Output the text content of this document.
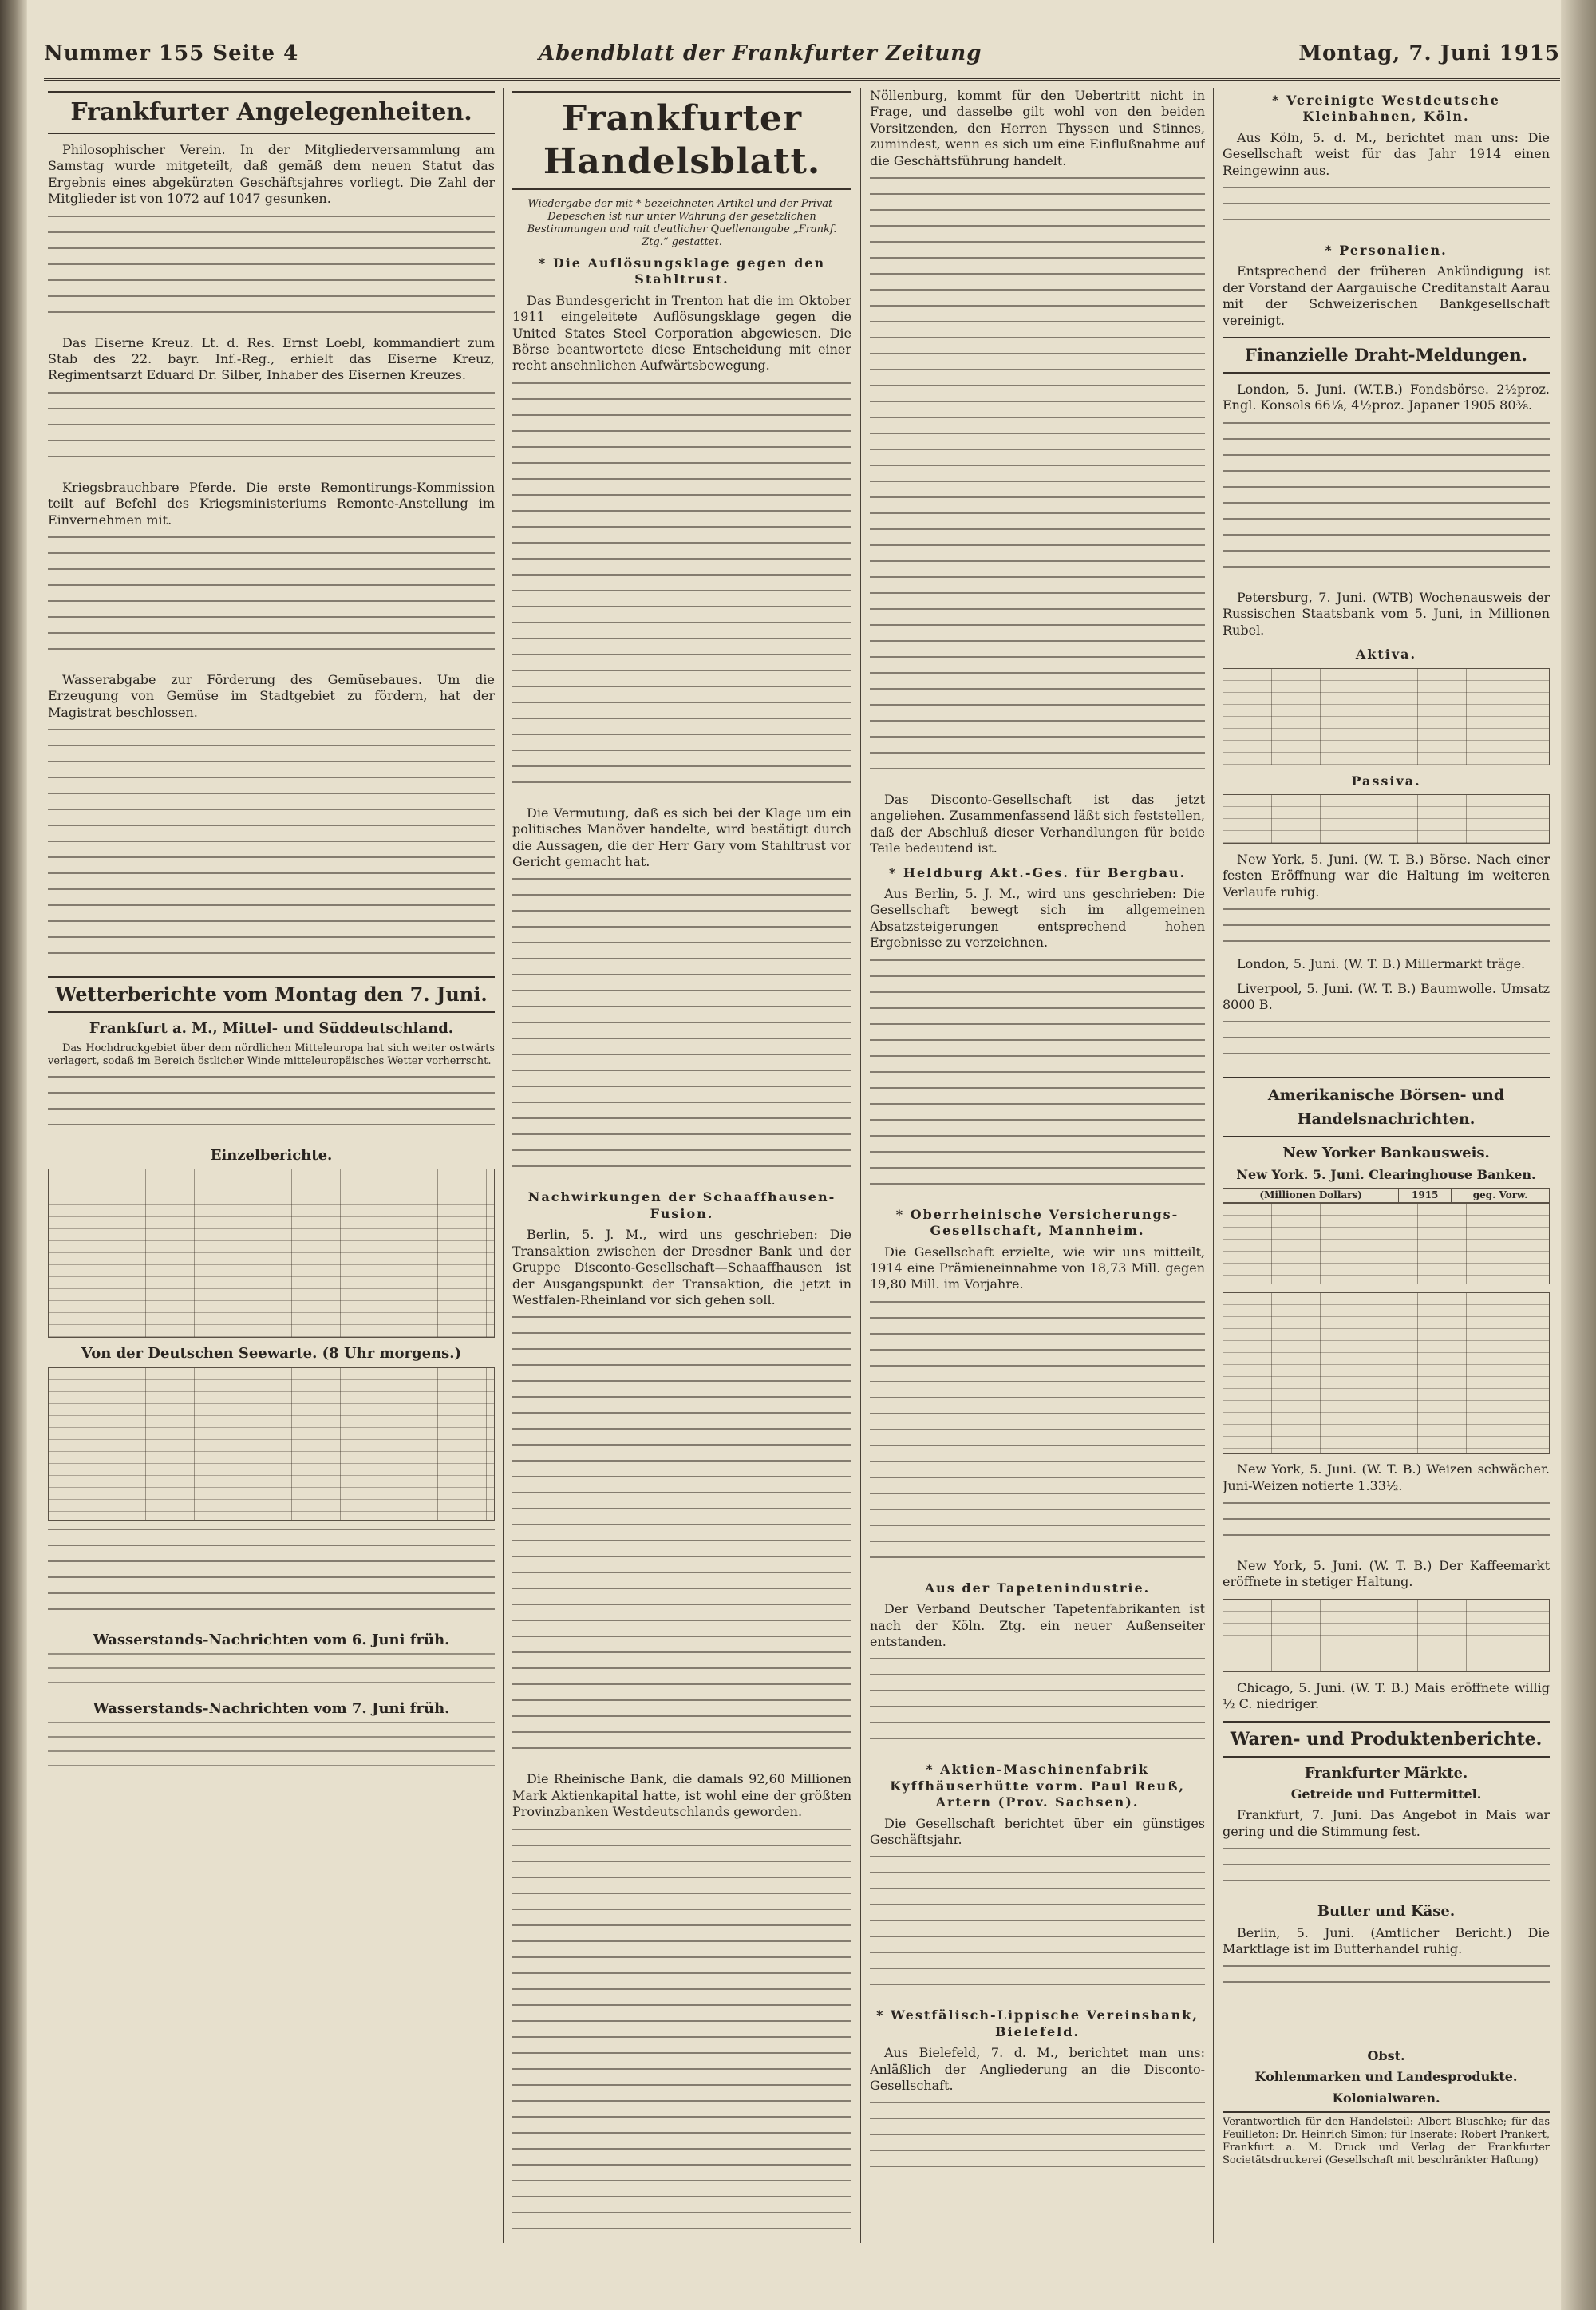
Nummer 155 Seite 4	Abendblatt der Frankfurter Zeitung	Montag, 7. Juni 1915
Frankfurter Angelegenheiten.

Philosophischer Verein. In der Mitgliederversammlung am Samstag wurde mitgeteilt, daß gemäß dem neuen Statut das Ergebnis eines abgekürzten Geschäftsjahres vorliegt. Die Zahl der Mitglieder ist von 1072 auf 1047 gesunken.

Das Eiserne Kreuz. Lt. d. Res. Ernst Loebl, kommandiert zum Stab des 22. bayr. Inf.-Reg., erhielt das Eiserne Kreuz, Regimentsarzt Eduard Dr. Silber, Inhaber des Eisernen Kreuzes.

Kriegsbrauchbare Pferde. Die erste Remontirungs-Kommission teilt auf Befehl des Kriegsministeriums Remonte-Anstellung im Einvernehmen mit.

Wasserabgabe zur Förderung des Gemüsebaues. Um die Erzeugung von Gemüse im Stadtgebiet zu fördern, hat der Magistrat beschlossen.

Wetterberichte vom Montag den 7. Juni.
Frankfurt a. M., Mittel- und Süddeutschland.

Das Hochdruckgebiet über dem nördlichen Mitteleuropa hat sich weiter ostwärts verlagert, sodaß im Bereich östlicher Winde mitteleuropäisches Wetter vorherrscht.

Einzelberichte.
Von der Deutschen Seewarte. (8 Uhr morgens.)
Wasserstands-Nachrichten vom 6. Juni früh.
Wasserstands-Nachrichten vom 7. Juni früh.
Frankfurter Handelsblatt.
Wiedergabe der mit * bezeichneten Artikel und der Privat-Depeschen ist nur unter Wahrung der gesetzlichen Bestimmungen und mit deutlicher Quellenangabe „Frankf. Ztg.“ gestattet.
* Die Auflösungsklage gegen den Stahltrust.

Das Bundesgericht in Trenton hat die im Oktober 1911 eingeleitete Auflösungsklage gegen die United States Steel Corporation abgewiesen. Die Börse beantwortete diese Entscheidung mit einer recht ansehnlichen Aufwärtsbewegung.

Die Vermutung, daß es sich bei der Klage um ein politisches Manöver handelte, wird bestätigt durch die Aussagen, die der Herr Gary vom Stahltrust vor Gericht gemacht hat.

Nachwirkungen der Schaaffhausen-Fusion.

Berlin, 5. J. M., wird uns geschrieben: Die Transaktion zwischen der Dresdner Bank und der Gruppe Disconto-Gesellschaft—Schaaffhausen ist der Ausgangspunkt der Transaktion, die jetzt in Westfalen-Rheinland vor sich gehen soll.

Die Rheinische Bank, die damals 92,60 Millionen Mark Aktienkapital hatte, ist wohl eine der größten Provinzbanken Westdeutschlands geworden.

Nöllenburg, kommt für den Uebertritt nicht in Frage, und dasselbe gilt wohl von den beiden Vorsitzenden, den Herren Thyssen und Stinnes, zumindest, wenn es sich um eine Einflußnahme auf die Geschäftsführung handelt.

Das Disconto-Gesellschaft ist das jetzt angeliehen. Zusammenfassend läßt sich feststellen, daß der Abschluß dieser Verhandlungen für beide Teile bedeutend ist.

* Heldburg Akt.-Ges. für Bergbau.

Aus Berlin, 5. J. M., wird uns geschrieben: Die Gesellschaft bewegt sich im allgemeinen Absatzsteigerungen entsprechend hohen Ergebnisse zu verzeichnen.

* Oberrheinische Versicherungs-Gesellschaft, Mannheim.

Die Gesellschaft erzielte, wie wir uns mitteilt, 1914 eine Prämieneinnahme von 18,73 Mill. gegen 19,80 Mill. im Vorjahre.

Aus der Tapetenindustrie.

Der Verband Deutscher Tapetenfabrikanten ist nach der Köln. Ztg. ein neuer Außenseiter entstanden.

* Aktien-Maschinenfabrik Kyffhäuserhütte vorm. Paul Reuß, Artern (Prov. Sachsen).

Die Gesellschaft berichtet über ein günstiges Geschäftsjahr.

* Westfälisch-Lippische Vereinsbank, Bielefeld.

Aus Bielefeld, 7. d. M., berichtet man uns: Anläßlich der Angliederung an die Disconto-Gesellschaft.

* Vereinigte Westdeutsche Kleinbahnen, Köln.

Aus Köln, 5. d. M., berichtet man uns: Die Gesellschaft weist für das Jahr 1914 einen Reingewinn aus.

* Personalien.

Entsprechend der früheren Ankündigung ist der Vorstand der Aargauische Creditanstalt Aarau mit der Schweizerischen Bankgesellschaft vereinigt.

Finanzielle Draht-Meldungen.

London, 5. Juni. (W.T.B.) Fondsbörse. 2½proz. Engl. Konsols 66⅛, 4½proz. Japaner 1905 80⅜.

Petersburg, 7. Juni. (WTB) Wochenausweis der Russischen Staatsbank vom 5. Juni, in Millionen Rubel.

Aktiva.
Passiva.

New York, 5. Juni. (W. T. B.) Börse. Nach einer festen Eröffnung war die Haltung im weiteren Verlaufe ruhig.

London, 5. Juni. (W. T. B.) Millermarkt träge.

Liverpool, 5. Juni. (W. T. B.) Baumwolle. Umsatz 8000 B.

Amerikanische Börsen- und Handelsnachrichten.
New Yorker Bankausweis.
New York. 5. Juni. Clearinghouse Banken.
(Millionen Dollars)	1915	geg. Vorw.

New York, 5. Juni. (W. T. B.) Weizen schwächer. Juni-Weizen notierte 1.33½.

New York, 5. Juni. (W. T. B.) Der Kaffeemarkt eröffnete in stetiger Haltung.

Chicago, 5. Juni. (W. T. B.) Mais eröffnete willig ½ C. niedriger.

Waren- und Produktenberichte.
Frankfurter Märkte.
Getreide und Futtermittel.

Frankfurt, 7. Juni. Das Angebot in Mais war gering und die Stimmung fest.

Butter und Käse.

Berlin, 5. Juni. (Amtlicher Bericht.) Die Marktlage ist im Butterhandel ruhig.

Obst.
Kohlenmarken und Landesprodukte.
Kolonialwaren.

Verantwortlich für den Handelsteil: Albert Bluschke; für das Feuilleton: Dr. Heinrich Simon; für Inserate: Robert Prankert, Frankfurt a. M. Druck und Verlag der Frankfurter Societätsdruckerei (Gesellschaft mit beschränkter Haftung)
